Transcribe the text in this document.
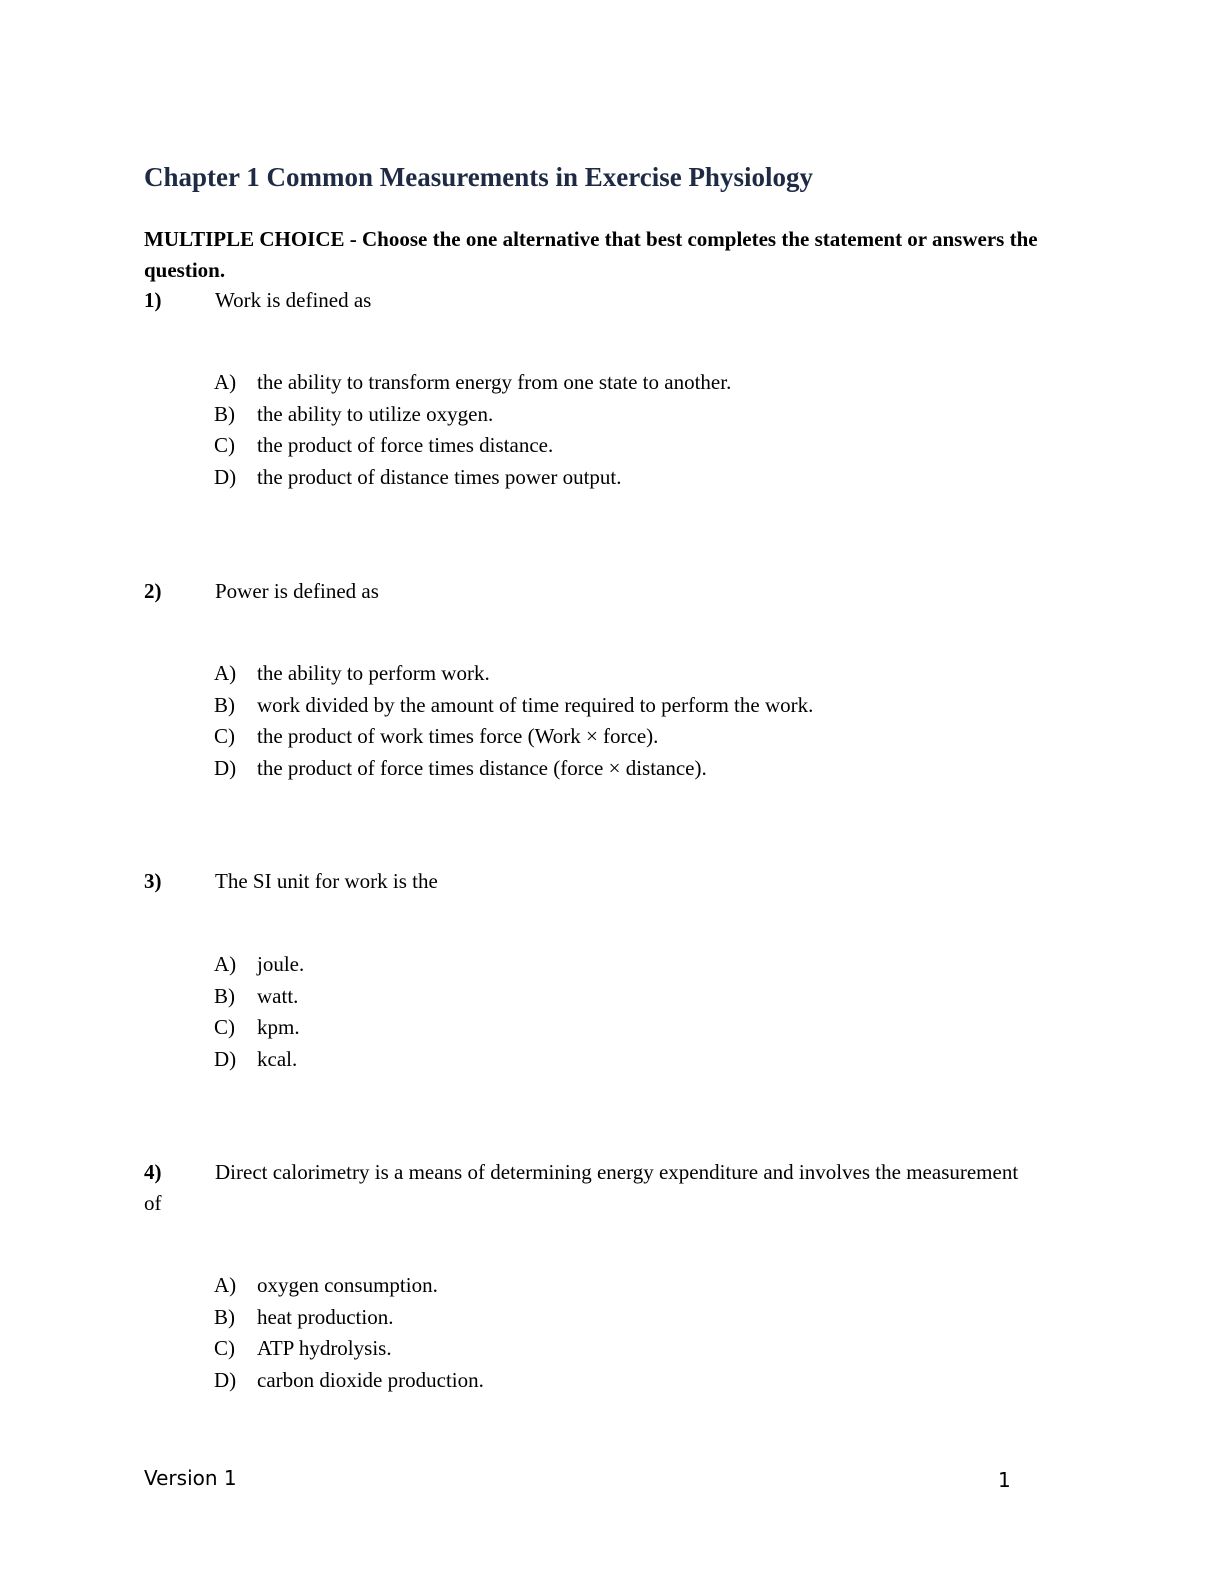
Chapter 1 Common Measurements in Exercise Physiology
MULTIPLE CHOICE - Choose the one alternative that best completes the statement or answers the question.
1)	Work is defined as
A) the ability to transform energy from one state to another.
B) the ability to utilize oxygen.
C) the product of force times distance.
D) the product of distance times power output.
2)	Power is defined as
A) the ability to perform work.
B) work divided by the amount of time required to perform the work.
C) the product of work times force (Work × force).
D) the product of force times distance (force × distance).
3)	The SI unit for work is the
A) joule.
B) watt.
C) kpm.
D) kcal.
4)	Direct calorimetry is a means of determining energy expenditure and involves the measurement of
A) oxygen consumption.
B) heat production.
C) ATP hydrolysis.
D) carbon dioxide production.
Version 1	1
